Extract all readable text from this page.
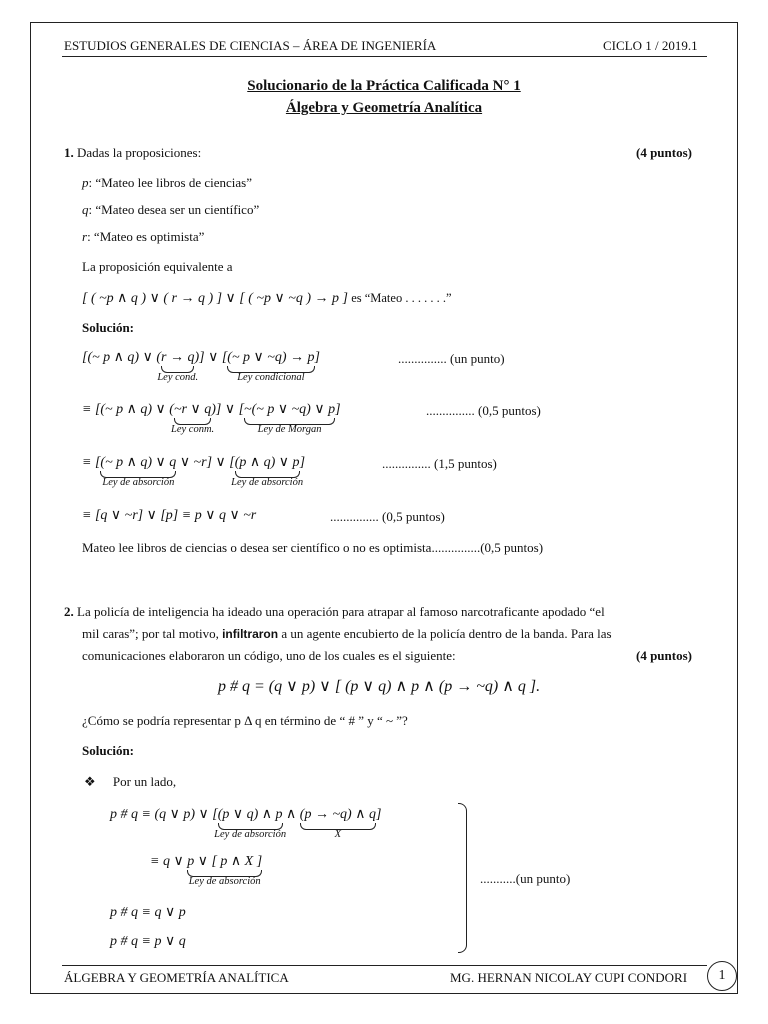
ESTUDIOS GENERALES DE CIENCIAS – ÁREA DE INGENIERÍA	CICLO 1 / 2019.1
Solucionario de la Práctica Calificada N° 1
Álgebra y Geometría Analítica
1. Dadas la proposiciones:	(4 puntos)
p: “Mateo lee libros de ciencias”
q: “Mateo desea ser un científico”
r: “Mateo es optimista”
La proposición equivalente a
[ ( ~p ∧ q ) ∨ ( r → q ) ] ∨ [ ( ~p ∨ ~q ) → p ] es “Mateo . . . . . . .”
Solución:
[(~ p ∧ q) ∨ (r → q
Ley cond.
)] ∨ [(~ p ∨ ~q) → p
Ley condicional
]	............... (un punto)
≡ [(~ p ∧ q) ∨ (~r ∨ q
Ley conm.
)] ∨ [~(~ p ∨ ~q) ∨ p
Ley de Morgan
]	............... (0,5 puntos)
≡ [(~ p ∧ q) ∨ q
Ley de absorción
∨ ~r] ∨ [(p ∧ q) ∨ p
Ley de absorción
]	............... (1,5 puntos)
≡ [q ∨ ~r] ∨ [p] ≡ p ∨ q ∨ ~r	............... (0,5 puntos)
Mateo lee libros de ciencias o desea ser científico o no es optimista...............(0,5 puntos)
2. La policía de inteligencia ha ideado una operación para atrapar al famoso narcotraficante apodado “el
mil caras”; por tal motivo, infiltraron a un agente encubierto de la policía dentro de la banda. Para las
comunicaciones elaboraron un código, uno de los cuales es el siguiente:	(4 puntos)
p # q = (q ∨ p) ∨ [ (p ∨ q) ∧ p ∧ (p → ~q) ∧ q ].
¿Cómo se podría representar p Δ q en término de “ # ” y “ ~ ”?
Solución:
❖ Por un lado,
p # q ≡ (q ∨ p) ∨ [(p ∨ q) ∧ p
Ley de absorción
∧ (p → ~q) ∧ q
X
]
≡ q ∨ p ∨ [ p ∧ X ]
Ley de absorción
p # q ≡ q ∨ p
p # q ≡ p ∨ q
...........(un punto)
ÁLGEBRA Y GEOMETRÍA ANALÍTICA	MG. HERNAN NICOLAY CUPI CONDORI	1
